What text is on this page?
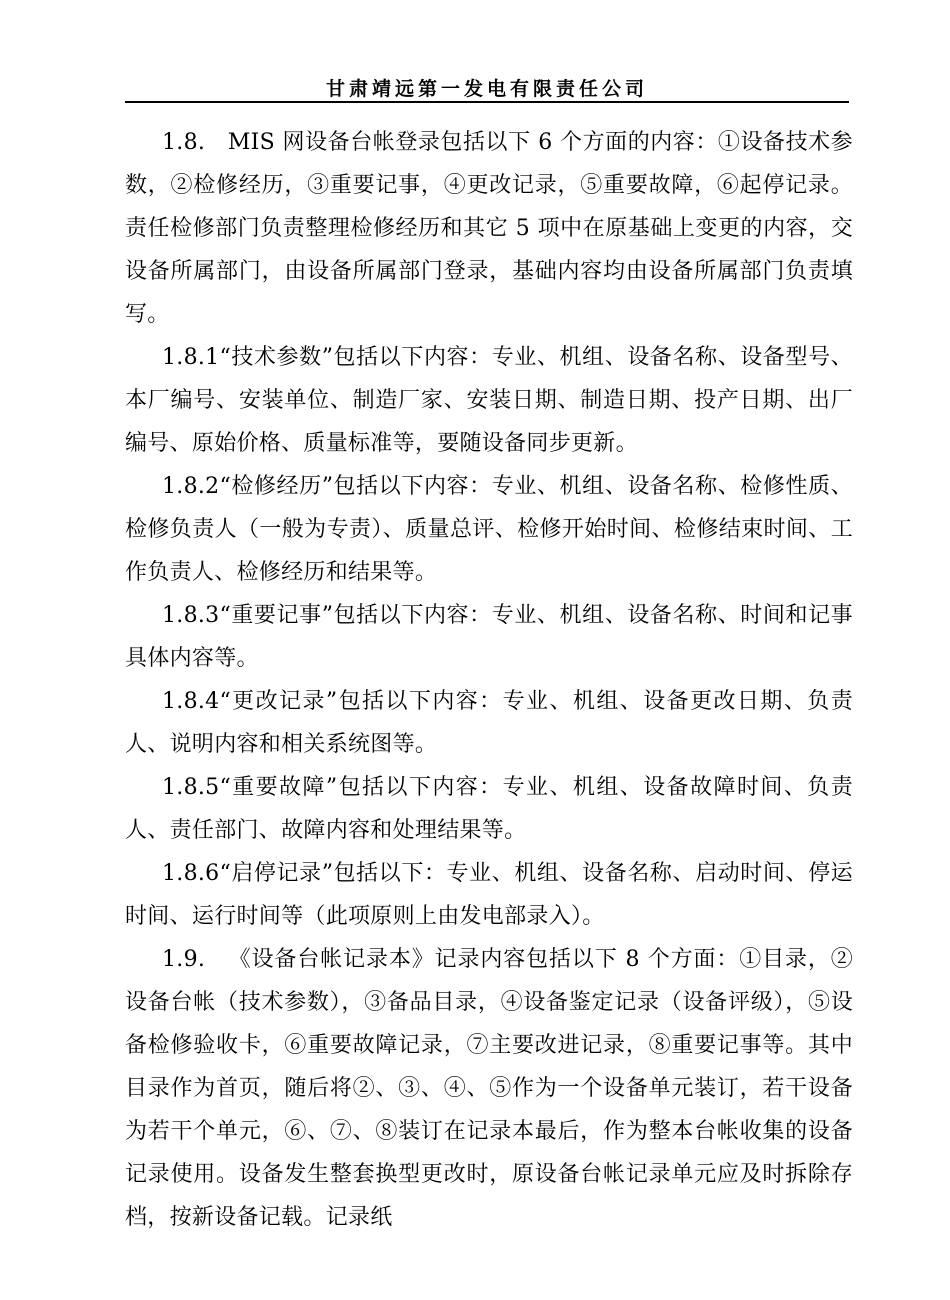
甘肃靖远第一发电有限责任公司

1.8.   MIS 网设备台帐登录包括以下 6 个方面的内容：①设备技术参数，②检修经历，③重要记事，④更改记录，⑤重要故障，⑥起停记录。责任检修部门负责整理检修经历和其它 5 项中在原基础上变更的内容，交设备所属部门，由设备所属部门登录，基础内容均由设备所属部门负责填写。

1.8.1“技术参数”包括以下内容：专业、机组、设备名称、设备型号、本厂编号、安装单位、制造厂家、安装日期、制造日期、投产日期、出厂编号、原始价格、质量标准等，要随设备同步更新。

1.8.2“检修经历”包括以下内容：专业、机组、设备名称、检修性质、检修负责人（一般为专责）、质量总评、检修开始时间、检修结束时间、工作负责人、检修经历和结果等。

1.8.3“重要记事”包括以下内容：专业、机组、设备名称、时间和记事具体内容等。

1.8.4“更改记录”包括以下内容：专业、机组、设备更改日期、负责人、说明内容和相关系统图等。

1.8.5“重要故障”包括以下内容：专业、机组、设备故障时间、负责人、责任部门、故障内容和处理结果等。

1.8.6“启停记录”包括以下：专业、机组、设备名称、启动时间、停运时间、运行时间等（此项原则上由发电部录入）。

1.9.   《设备台帐记录本》记录内容包括以下 8 个方面：①目录，②设备台帐（技术参数），③备品目录，④设备鉴定记录（设备评级），⑤设备检修验收卡，⑥重要故障记录，⑦主要改进记录，⑧重要记事等。其中目录作为首页，随后将②、③、④、⑤作为一个设备单元装订，若干设备为若干个单元，⑥、⑦、⑧装订在记录本最后，作为整本台帐收集的设备记录使用。设备发生整套换型更改时，原设备台帐记录单元应及时拆除存档，按新设备记载。记录纸
